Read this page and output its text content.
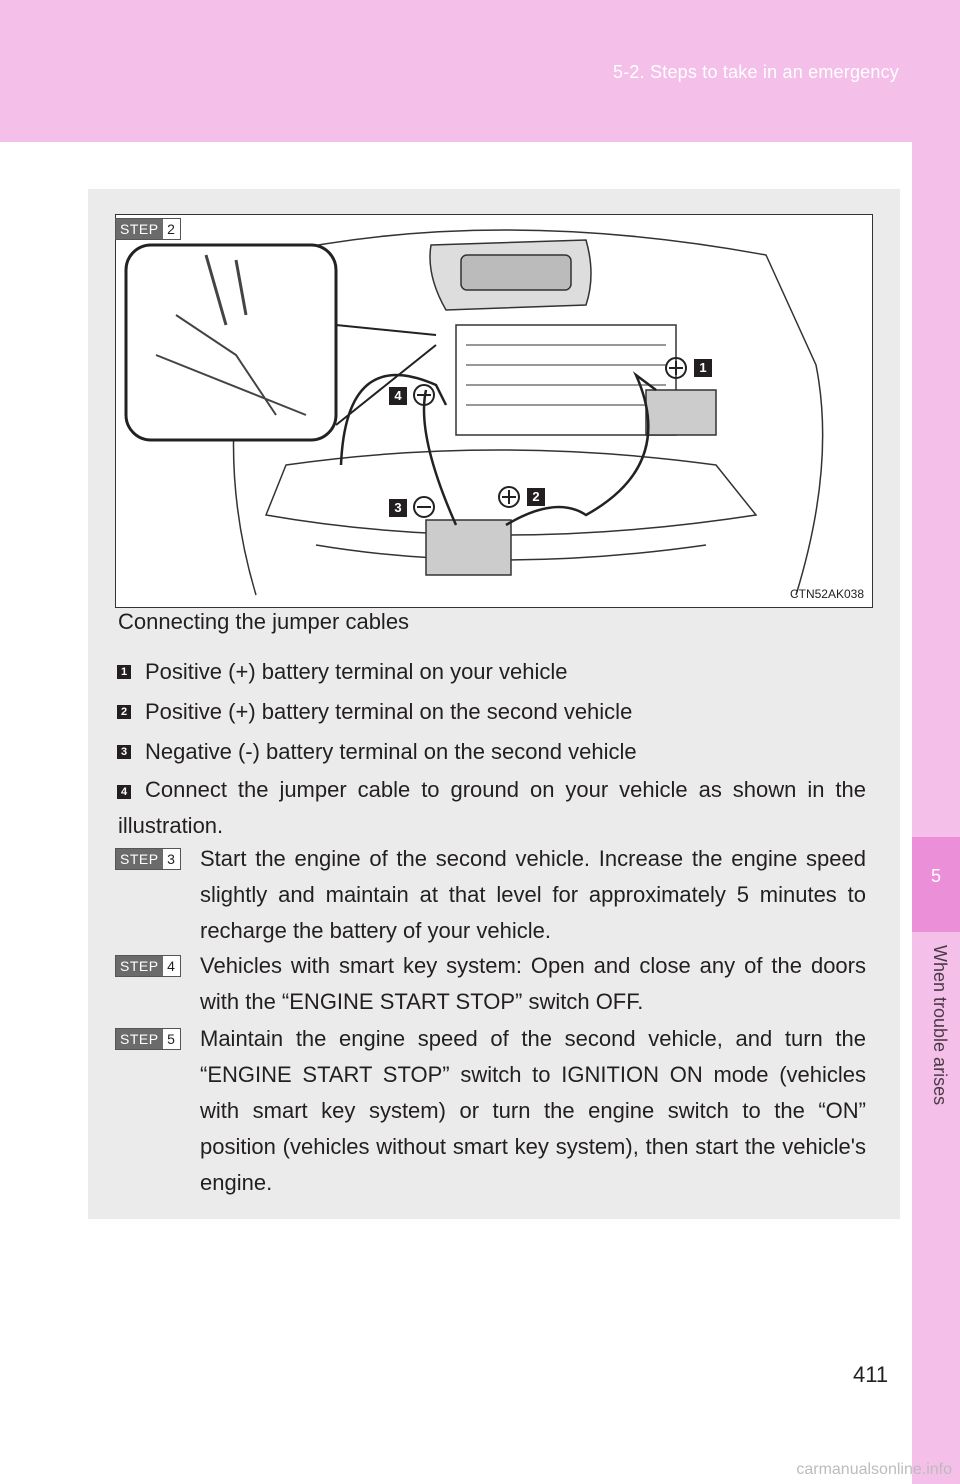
5-2. Steps to take in an emergency
5
When trouble arises
1
2
3
4
CTN52AK038
STEP 2
Connecting the jumper cables
1 Positive (+) battery terminal on your vehicle
2 Positive (+) battery terminal on the second vehicle
3 Negative (-) battery terminal on the second vehicle
4 Connect the jumper cable to ground on your vehicle as shown in the illustration.
STEP 3 Start the engine of the second vehicle. Increase the engine speed slightly and maintain at that level for approximately 5 minutes to recharge the battery of your vehicle.
STEP 4 Vehicles with smart key system: Open and close any of the doors with the “ENGINE START STOP” switch OFF.
STEP 5 Maintain the engine speed of the second vehicle, and turn the “ENGINE START STOP” switch to IGNITION ON mode (vehicles with smart key system) or turn the engine switch to the “ON” position (vehicles without smart key system), then start the vehicle's engine.
411
carmanualsonline.info
